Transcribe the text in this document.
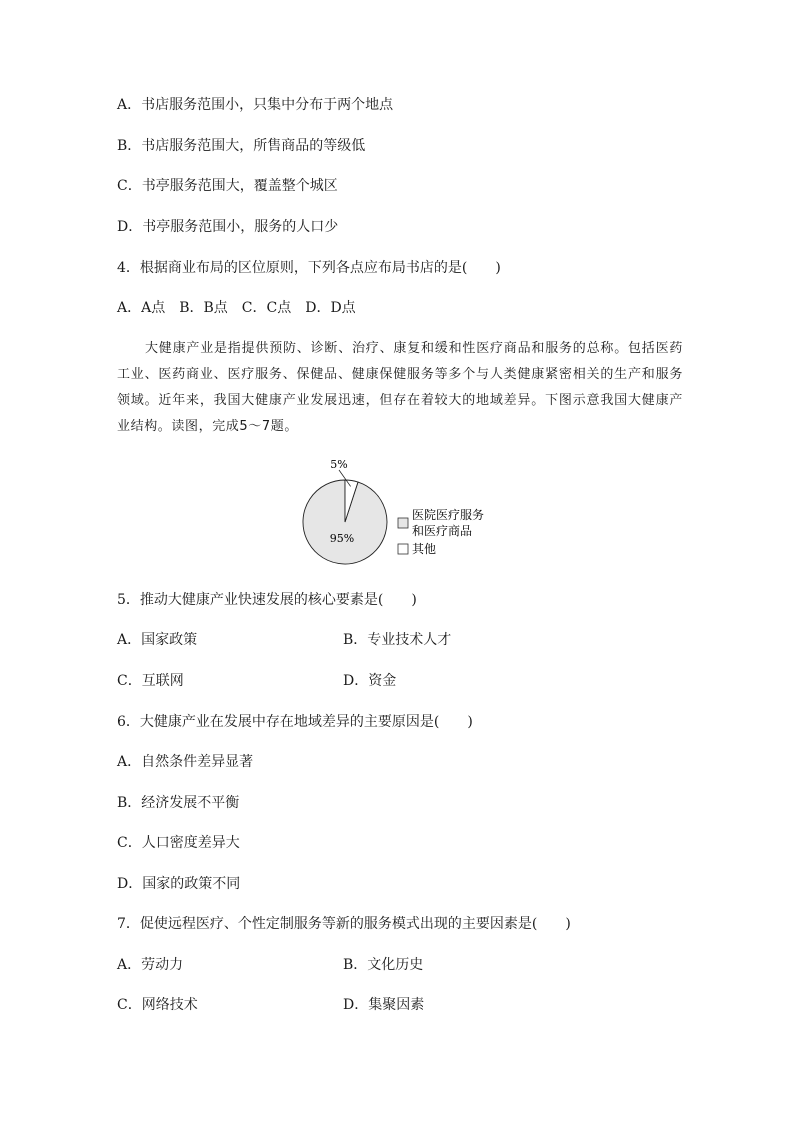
A．书店服务范围小，只集中分布于两个地点
B．书店服务范围大，所售商品的等级低
C．书亭服务范围大，覆盖整个城区
D．书亭服务范围小，服务的人口少
4．根据商业布局的区位原则，下列各点应布局书店的是(　　)
A．A点　B．B点　C．C点　D．D点
大健康产业是指提供预防、诊断、治疗、康复和缓和性医疗商品和服务的总称。包括医药工业、医药商业、医疗服务、保健品、健康保健服务等多个与人类健康紧密相关的生产和服务领域。近年来，我国大健康产业发展迅速，但存在着较大的地域差异。下图示意我国大健康产业结构。读图，完成5～7题。
95%
5%
医院医疗服务
和医疗商品
其他
5．推动大健康产业快速发展的核心要素是(　　)
A．国家政策	B．专业技术人才
C．互联网	D．资金
6．大健康产业在发展中存在地域差异的主要原因是(　　)
A．自然条件差异显著
B．经济发展不平衡
C．人口密度差异大
D．国家的政策不同
7．促使远程医疗、个性定制服务等新的服务模式出现的主要因素是(　　)
A．劳动力	B．文化历史
C．网络技术	D．集聚因素
